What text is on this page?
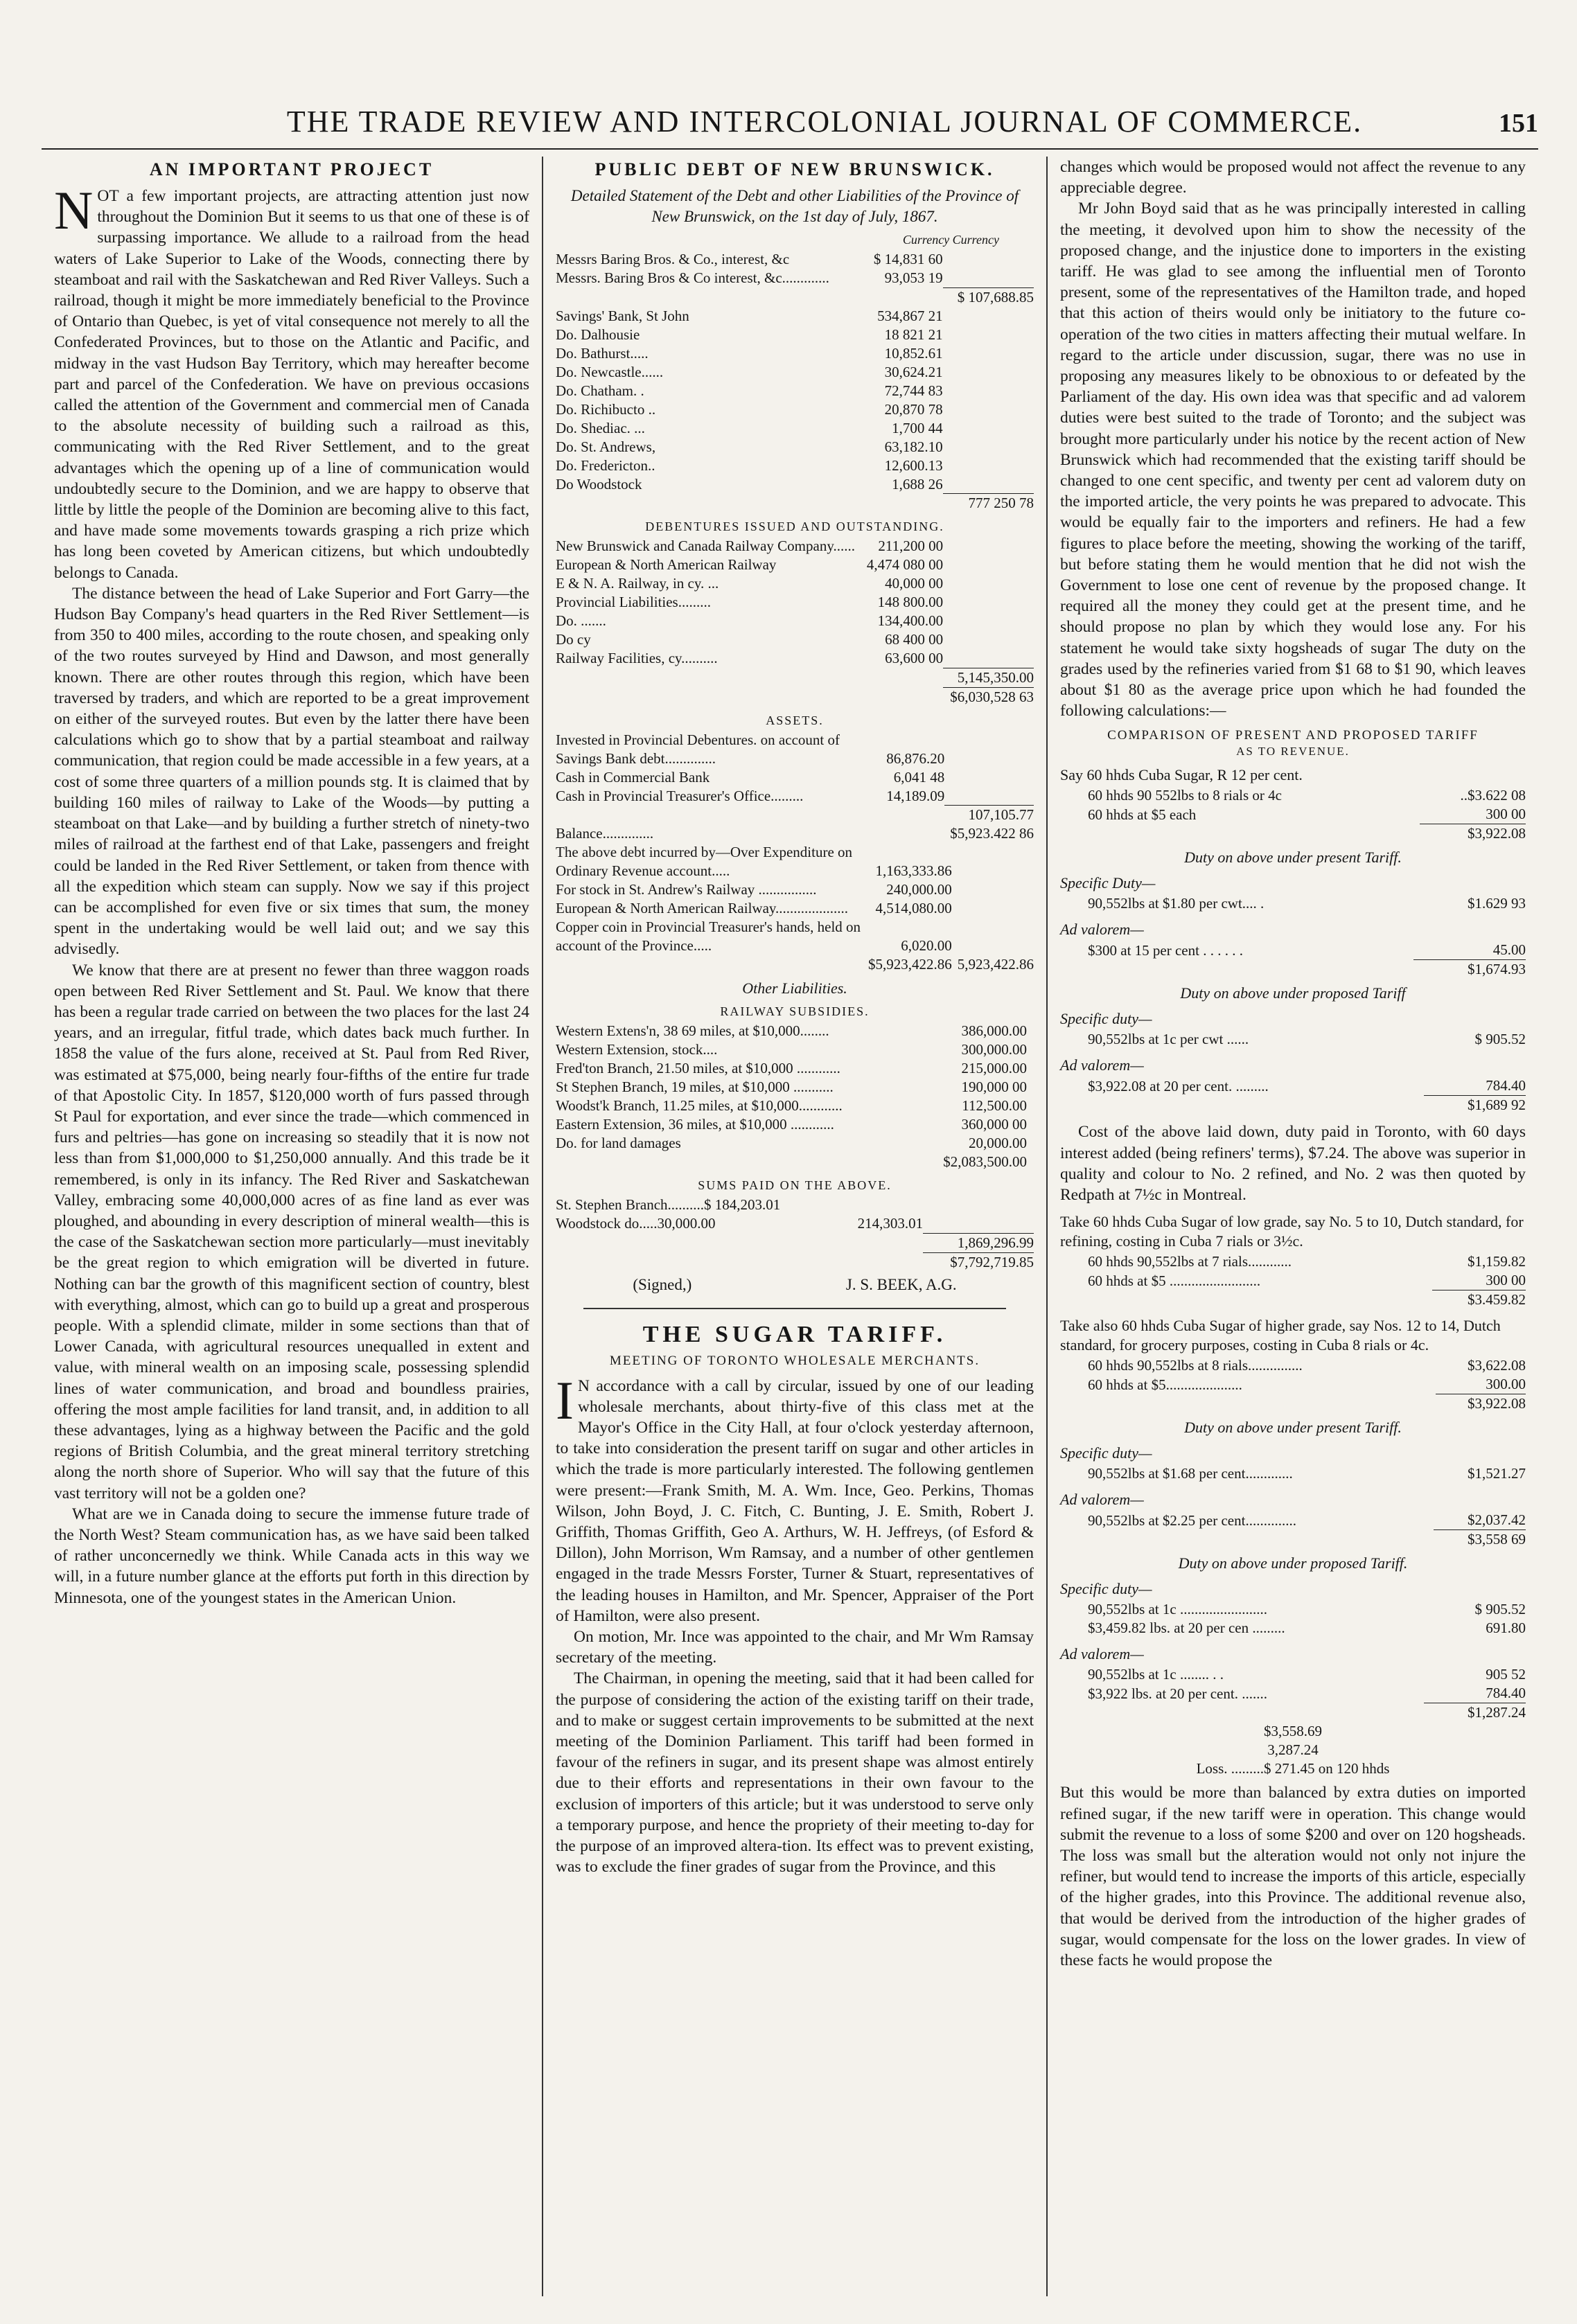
THE TRADE REVIEW AND INTERCOLONIAL JOURNAL OF COMMERCE.	151
AN IMPORTANT PROJECT

NOT a few important projects, are attracting attention just now throughout the Dominion But it seems to us that one of these is of surpassing importance. We allude to a railroad from the head waters of Lake Superior to Lake of the Woods, connecting there by steamboat and rail with the Saskatchewan and Red River Valleys. Such a railroad, though it might be more immediately beneficial to the Province of Ontario than Quebec, is yet of vital consequence not merely to all the Confederated Provinces, but to those on the Atlantic and Pacific, and midway in the vast Hudson Bay Territory, which may hereafter become part and parcel of the Confederation. We have on previous occasions called the attention of the Government and commercial men of Canada to the absolute necessity of building such a railroad as this, communicating with the Red River Settlement, and to the great advantages which the opening up of a line of communication would undoubtedly secure to the Dominion, and we are happy to observe that little by little the people of the Dominion are becoming alive to this fact, and have made some movements towards grasping a rich prize which has long been coveted by American citizens, but which undoubtedly belongs to Canada.

The distance between the head of Lake Superior and Fort Garry—the Hudson Bay Company's head quarters in the Red River Settlement—is from 350 to 400 miles, according to the route chosen, and speaking only of the two routes surveyed by Hind and Dawson, and most generally known. There are other routes through this region, which have been traversed by traders, and which are reported to be a great improvement on either of the surveyed routes. But even by the latter there have been calculations which go to show that by a partial steamboat and railway communication, that region could be made accessible in a few years, at a cost of some three quarters of a million pounds stg. It is claimed that by building 160 miles of railway to Lake of the Woods—by putting a steamboat on that Lake—and by building a further stretch of ninety-two miles of railroad at the farthest end of that Lake, passengers and freight could be landed in the Red River Settlement, or taken from thence with all the expedition which steam can supply. Now we say if this project can be accomplished for even five or six times that sum, the money spent in the undertaking would be well laid out; and we say this advisedly.

We know that there are at present no fewer than three waggon roads open between Red River Settlement and St. Paul. We know that there has been a regular trade carried on between the two places for the last 24 years, and an irregular, fitful trade, which dates back much further. In 1858 the value of the furs alone, received at St. Paul from Red River, was estimated at $75,000, being nearly four-fifths of the entire fur trade of that Apostolic City. In 1857, $120,000 worth of furs passed through St Paul for exportation, and ever since the trade—which commenced in furs and peltries—has gone on increasing so steadily that it is now not less than from $1,000,000 to $1,250,000 annually. And this trade be it remembered, is only in its infancy. The Red River and Saskatchewan Valley, embracing some 40,000,000 acres of as fine land as ever was ploughed, and abounding in every description of mineral wealth—this is the case of the Saskatchewan section more particularly—must inevitably be the great region to which emigration will be diverted in future. Nothing can bar the growth of this magnificent section of country, blest with everything, almost, which can go to build up a great and prosperous people. With a splendid climate, milder in some sections than that of Lower Canada, with agricultural resources unequalled in extent and value, with mineral wealth on an imposing scale, possessing splendid lines of water communication, and broad and boundless prairies, offering the most ample facilities for land transit, and, in addition to all these advantages, lying as a highway between the Pacific and the gold regions of British Columbia, and the great mineral territory stretching along the north shore of Superior. Who will say that the future of this vast territory will not be a golden one?

What are we in Canada doing to secure the immense future trade of the North West? Steam communication has, as we have said been talked of rather unconcernedly we think. While Canada acts in this way we will, in a future number glance at the efforts put forth in this direction by Minnesota, one of the youngest states in the American Union.

PUBLIC DEBT OF NEW BRUNSWICK.
Detailed Statement of the Debt and other Liabilities of the Province of New Brunswick, on the 1st day of July, 1867.
Currency Currency
Messrs Baring Bros. & Co., interest, &c	$ 14,831 60	
Messrs. Baring Bros & Co interest, &c.............	93,053 19	
		$ 107,688.85
Savings' Bank, St John	534,867 21	
Do. Dalhousie	18 821 21	
Do. Bathurst.....	10,852.61	
Do. Newcastle......	30,624.21	
Do. Chatham. .	72,744 83	
Do. Richibucto ..	20,870 78	
Do. Shediac. ...	1,700 44	
Do. St. Andrews,	63,182.10	
Do. Fredericton..	12,600.13	
Do Woodstock	1,688 26	
		777 250 78
DEBENTURES ISSUED AND OUTSTANDING.
New Brunswick and Canada Railway Company......	211,200 00	
European & North American Railway	4,474 080 00	
E & N. A. Railway, in cy. ...	40,000 00	
Provincial Liabilities.........	148 800.00	
Do. .......	134,400.00	
Do cy	68 400 00	
Railway Facilities, cy..........	63,600 00	
		5,145,350.00
		$6,030,528 63
ASSETS.
Invested in Provincial Debentures. on account of Savings Bank debt..............	86,876.20	
Cash in Commercial Bank	6,041 48	
Cash in Provincial Treasurer's Office.........	14,189.09	
		107,105.77
Balance..............		$5,923.422 86
The above debt incurred by—Over Expenditure on Ordinary Revenue account.....	1,163,333.86	
For stock in St. Andrew's Railway ................	240,000.00	
European & North American Railway....................	4,514,080.00	
Copper coin in Provincial Treasurer's hands, held on account of the Province.....	6,020.00	
	$5,923,422.86	5,923,422.86
Other Liabilities.
RAILWAY SUBSIDIES.
Western Extens'n, 38 69 miles, at $10,000........	386,000.00	
Western Extension, stock....	300,000.00	
Fred'ton Branch, 21.50 miles, at $10,000 ............	215,000.00	
St Stephen Branch, 19 miles, at $10,000 ...........	190,000 00	
Woodst'k Branch, 11.25 miles, at $10,000............	112,500.00	
Eastern Extension, 36 miles, at $10,000 ............	360,000 00	
Do. for land damages	20,000.00	
	$2,083,500.00	
SUMS PAID ON THE ABOVE.
St. Stephen Branch..........$ 184,203.01		
Woodstock do.....30,000.00	214,303.01	
		1,869,296.99
		$7,792,719.85
(Signed,)	J. S. BEEK, A.G.
THE SUGAR TARIFF.
MEETING OF TORONTO WHOLESALE MERCHANTS.

I N accordance with a call by circular, issued by one of our leading wholesale merchants, about thirty-five of this class met at the Mayor's Office in the City Hall, at four o'clock yesterday afternoon, to take into consideration the present tariff on sugar and other articles in which the trade is more particularly interested. The following gentlemen were present:—Frank Smith, M. A. Wm. Ince, Geo. Perkins, Thomas Wilson, John Boyd, J. C. Fitch, C. Bunting, J. E. Smith, Robert J. Griffith, Thomas Griffith, Geo A. Arthurs, W. H. Jeffreys, (of Esford & Dillon), John Morrison, Wm Ramsay, and a number of other gentlemen engaged in the trade Messrs Forster, Turner & Stuart, representatives of the leading houses in Hamilton, and Mr. Spencer, Appraiser of the Port of Hamilton, were also present.

On motion, Mr. Ince was appointed to the chair, and Mr Wm Ramsay secretary of the meeting.

The Chairman, in opening the meeting, said that it had been called for the purpose of considering the action of the existing tariff on their trade, and to make or suggest certain improvements to be submitted at the next meeting of the Dominion Parliament. This tariff had been formed in favour of the refiners in sugar, and its present shape was almost entirely due to their efforts and representations in their own favour to the exclusion of importers of this article; but it was understood to serve only a temporary purpose, and hence the propriety of their meeting to-day for the purpose of an improved altera-tion. Its effect was to prevent existing, was to exclude the finer grades of sugar from the Province, and this

changes which would be proposed would not affect the revenue to any appreciable degree.

Mr John Boyd said that as he was principally interested in calling the meeting, it devolved upon him to show the necessity of the proposed change, and the injustice done to importers in the existing tariff. He was glad to see among the influential men of Toronto present, some of the representatives of the Hamilton trade, and hoped that this action of theirs would only be initiatory to the future co-operation of the two cities in matters affecting their mutual welfare. In regard to the article under discussion, sugar, there was no use in proposing any measures likely to be obnoxious to or defeated by the Parliament of the day. His own idea was that specific and ad valorem duties were best suited to the trade of Toronto; and the subject was brought more particularly under his notice by the recent action of New Brunswick which had recommended that the existing tariff should be changed to one cent specific, and twenty per cent ad valorem duty on the imported article, the very points he was prepared to advocate. This would be equally fair to the importers and refiners. He had a few figures to place before the meeting, showing the working of the tariff, but before stating them he would mention that he did not wish the Government to lose one cent of revenue by the proposed change. It required all the money they could get at the present time, and he should propose no plan by which they would lose any. For his statement he would take sixty hogsheads of sugar The duty on the grades used by the refineries varied from $1 68 to $1 90, which leaves about $1 80 as the average price upon which he had founded the following calculations:—

COMPARISON OF PRESENT AND PROPOSED TARIFF
AS TO REVENUE.
Say 60 hhds Cuba Sugar, R 12 per cent.
60 hhds 90 552lbs to 8 rials or 4c	..$3.622 08
60 hhds at $5 each	300 00
	$3,922.08
Duty on above under present Tariff.
Specific Duty—
90,552lbs at $1.80 per cwt.... .	$1.629 93
Ad valorem—
$300 at 15 per cent . . . . . .	45.00
	$1,674.93
Duty on above under proposed Tariff
Specific duty—
90,552lbs at 1c per cwt ......	$ 905.52
Ad valorem—
$3,922.08 at 20 per cent. .........	784.40
	$1,689 92

Cost of the above laid down, duty paid in Toronto, with 60 days interest added (being refiners' terms), $7.24. The above was superior in quality and colour to No. 2 refined, and No. 2 was then quoted by Redpath at 7½c in Montreal.

Take 60 hhds Cuba Sugar of low grade, say No. 5 to 10, Dutch standard, for refining, costing in Cuba 7 rials or 3½c.
60 hhds 90,552lbs at 7 rials............	$1,159.82
60 hhds at $5 .........................	300 00
	$3.459.82
Take also 60 hhds Cuba Sugar of higher grade, say Nos. 12 to 14, Dutch standard, for grocery purposes, costing in Cuba 8 rials or 4c.
60 hhds 90,552lbs at 8 rials...............	$3,622.08
60 hhds at $5.....................	300.00
	$3,922.08
Duty on above under present Tariff.
Specific duty—
90,552lbs at $1.68 per cent.............	$1,521.27
Ad valorem—
90,552lbs at $2.25 per cent..............	$2,037.42
	$3,558 69
Duty on above under proposed Tariff.
Specific duty—
90,552lbs at 1c ........................	$ 905.52
$3,459.82 lbs. at 20 per cen .........	691.80
Ad valorem—
90,552lbs at 1c ........ . .	905 52
$3,922 lbs. at 20 per cent. .......	784.40
	$1,287.24
$3,558.69
3,287.24
Loss. .........$ 271.45 on 120 hhds

But this would be more than balanced by extra duties on imported refined sugar, if the new tariff were in operation. This change would submit the revenue to a loss of some $200 and over on 120 hogsheads. The loss was small but the alteration would not only not injure the refiner, but would tend to increase the imports of this article, especially of the higher grades, into this Province. The additional revenue also, that would be derived from the introduction of the higher grades of sugar, would compensate for the loss on the lower grades. In view of these facts he would propose the
